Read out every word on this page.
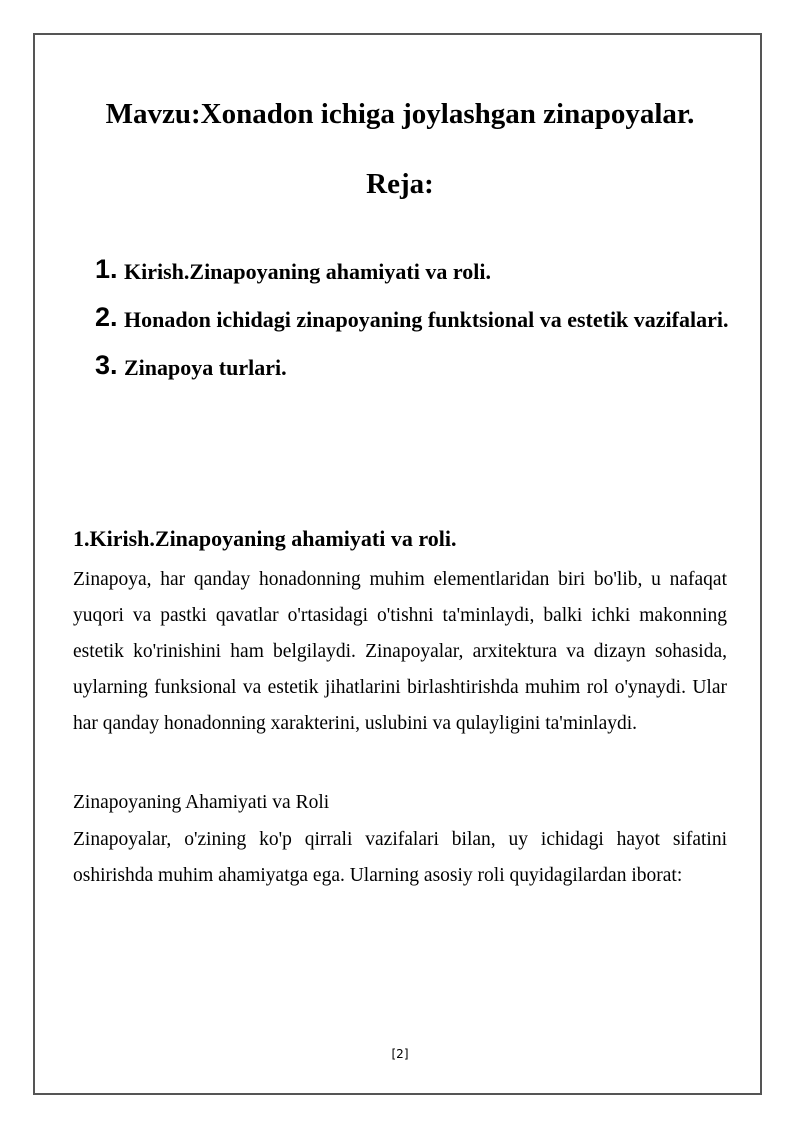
Mavzu:Xonadon ichiga joylashgan zinapoyalar.
Reja:
1. Kirish.Zinapoyaning ahamiyati va roli.
2. Honadon ichidagi zinapoyaning funktsional va estetik vazifalari.
3. Zinapoya turlari.
1.Kirish.Zinapoyaning ahamiyati va roli.

Zinapoya, har qanday honadonning muhim elementlaridan biri bo'lib, u nafaqat yuqori va pastki qavatlar o'rtasidagi o'tishni ta'minlaydi, balki ichki makonning estetik ko'rinishini ham belgilaydi. Zinapoyalar, arxitektura va dizayn sohasida, uylarning funksional va estetik jihatlarini birlashtirishda muhim rol o'ynaydi. Ular har qanday honadonning xarakterini, uslubini va qulayligini ta'minlaydi.

Zinapoyaning Ahamiyati va Roli

Zinapoyalar, o'zining ko'p qirrali vazifalari bilan, uy ichidagi hayot sifatini oshirishda muhim ahamiyatga ega. Ularning asosiy roli quyidagilardan iborat:

[2]
